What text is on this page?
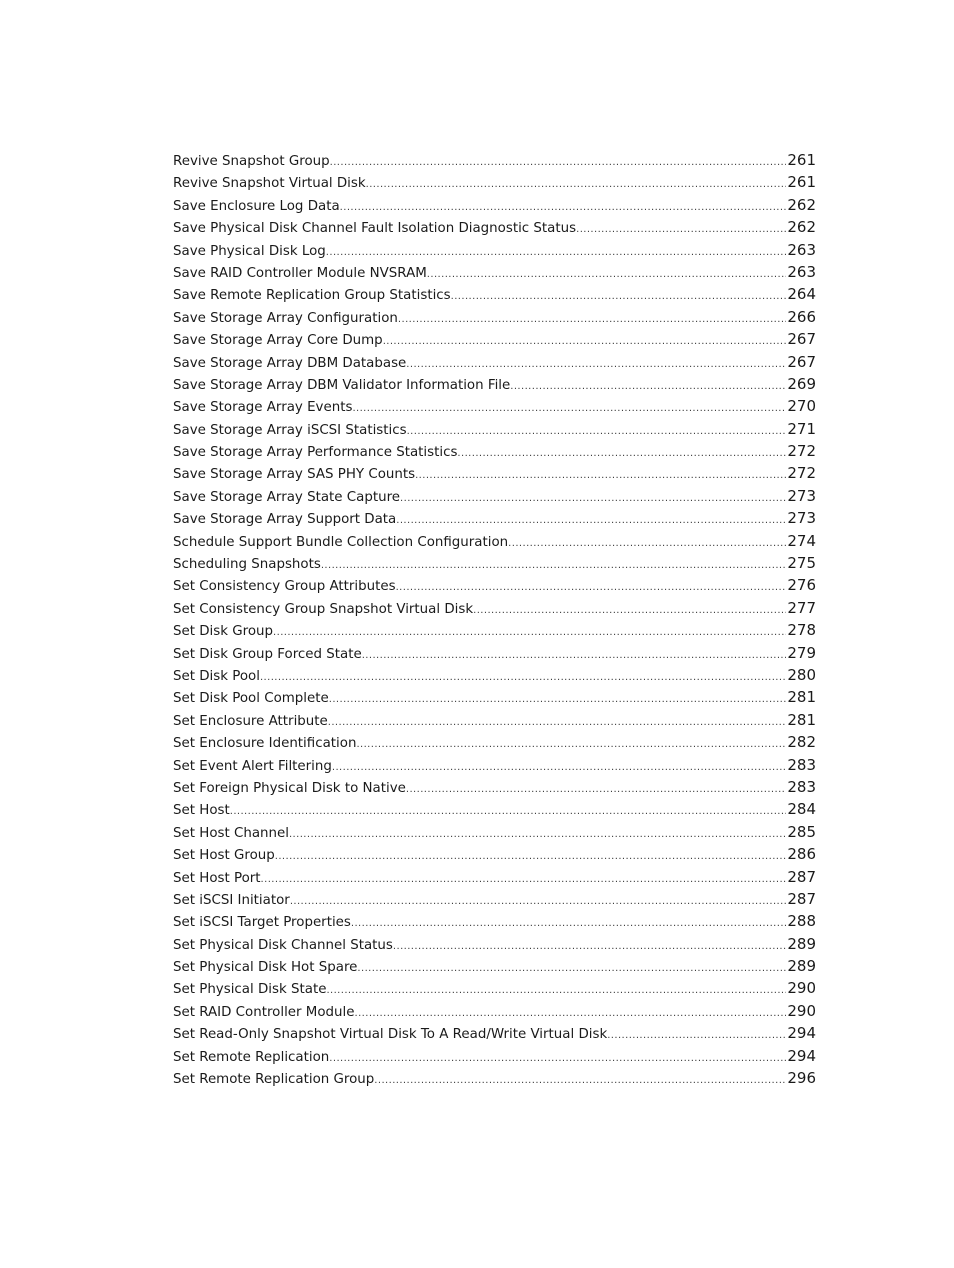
Revive Snapshot Group .....	261
Revive Snapshot Virtual Disk .....	261
Save Enclosure Log Data .....	262
Save Physical Disk Channel Fault Isolation Diagnostic Status .....	262
Save Physical Disk Log .....	263
Save RAID Controller Module NVSRAM .....	263
Save Remote Replication Group Statistics .....	264
Save Storage Array Configuration .....	266
Save Storage Array Core Dump .....	267
Save Storage Array DBM Database .....	267
Save Storage Array DBM Validator Information File .....	269
Save Storage Array Events .....	270
Save Storage Array iSCSI Statistics .....	271
Save Storage Array Performance Statistics .....	272
Save Storage Array SAS PHY Counts .....	272
Save Storage Array State Capture .....	273
Save Storage Array Support Data .....	273
Schedule Support Bundle Collection Configuration .....	274
Scheduling Snapshots .....	275
Set Consistency Group Attributes .....	276
Set Consistency Group Snapshot Virtual Disk .....	277
Set Disk Group .....	278
Set Disk Group Forced State .....	279
Set Disk Pool .....	280
Set Disk Pool Complete .....	281
Set Enclosure Attribute .....	281
Set Enclosure Identification .....	282
Set Event Alert Filtering .....	283
Set Foreign Physical Disk to Native .....	283
Set Host .....	284
Set Host Channel .....	285
Set Host Group .....	286
Set Host Port .....	287
Set iSCSI Initiator .....	287
Set iSCSI Target Properties .....	288
Set Physical Disk Channel Status .....	289
Set Physical Disk Hot Spare .....	289
Set Physical Disk State .....	290
Set RAID Controller Module .....	290
Set Read-Only Snapshot Virtual Disk To A Read/Write Virtual Disk .....	294
Set Remote Replication .....	294
Set Remote Replication Group .....	296
